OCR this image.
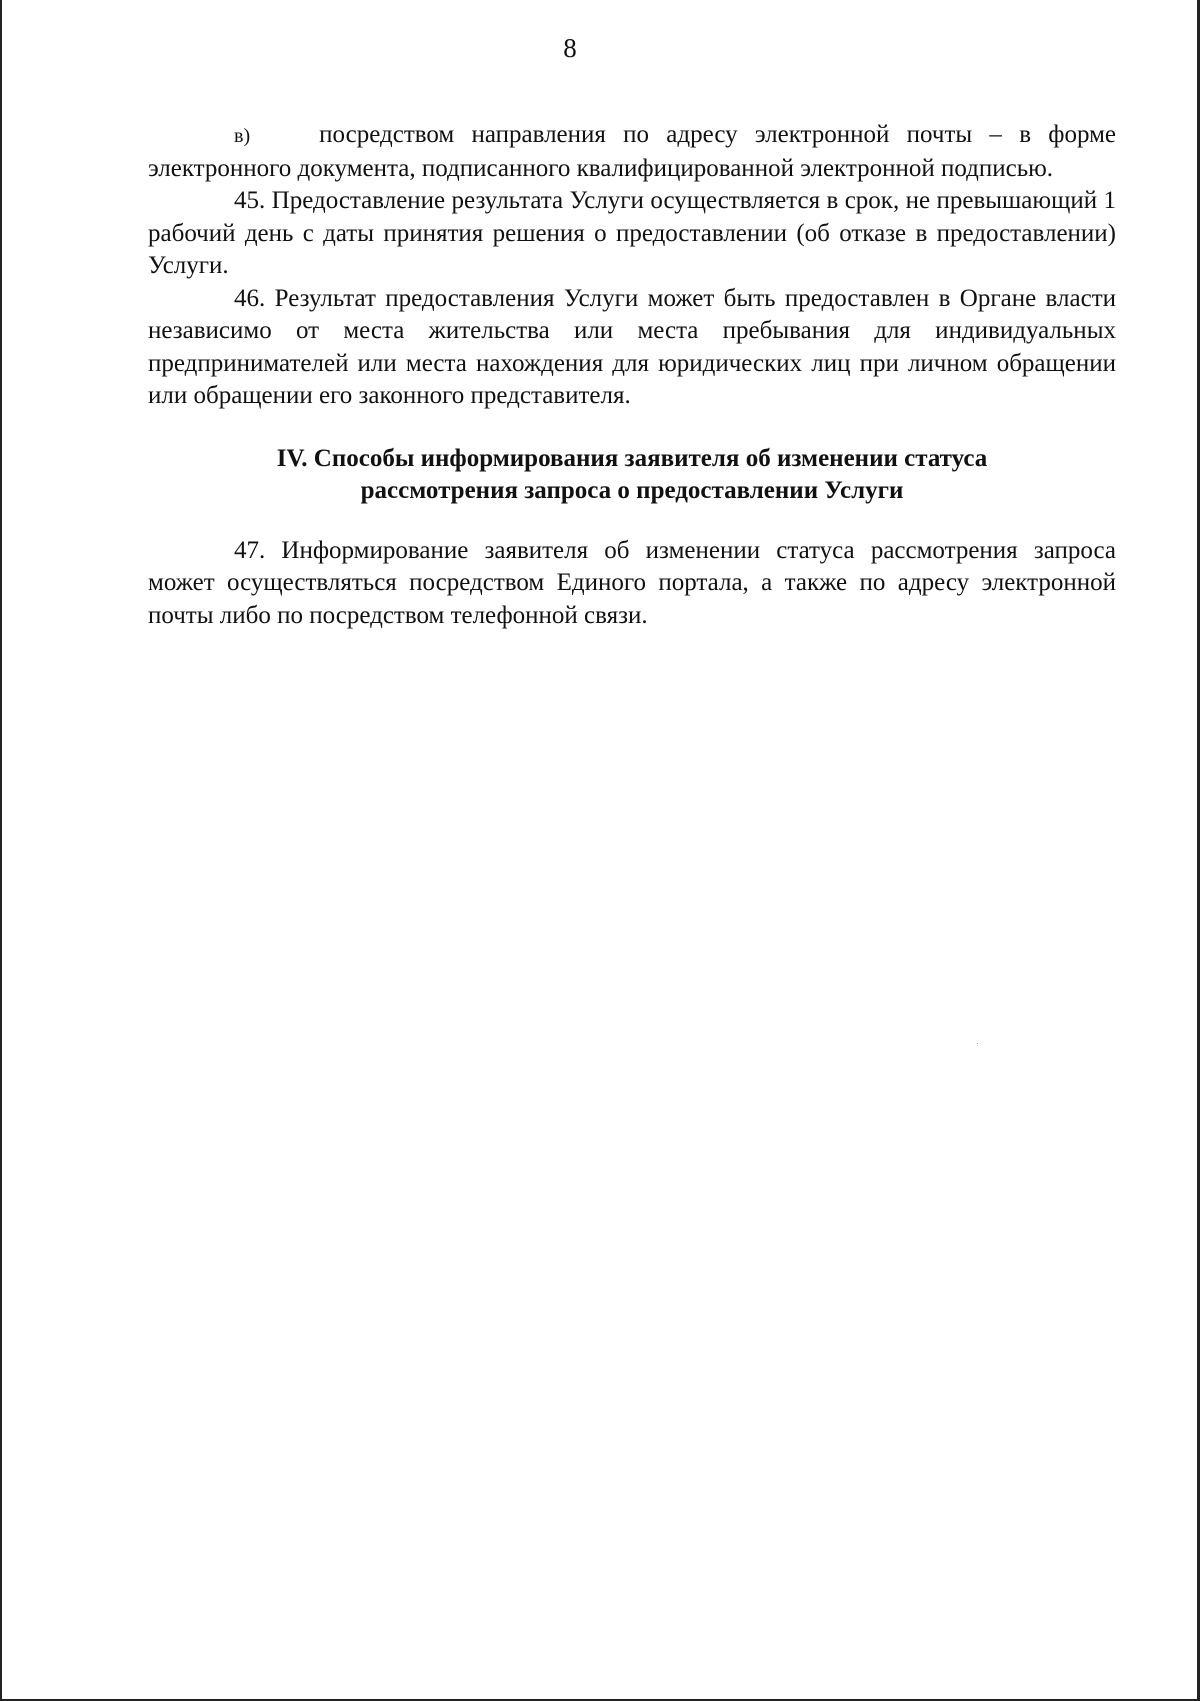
8

в)	посредством направления по адресу электронной почты – в форме электронного документа, подписанного квалифицированной электронной подписью.

45. Предоставление результата Услуги осуществляется в срок, не превышающий 1 рабочий день с даты принятия решения о предоставлении (об отказе в предоставлении) Услуги.

46. Результат предоставления Услуги может быть предоставлен в Органе власти независимо от места жительства или места пребывания для индивидуальных предпринимателей или места нахождения для юридических лиц при личном обращении или обращении его законного представителя.

IV. Способы информирования заявителя об изменении статуса
рассмотрения запроса о предоставлении Услуги

47. Информирование заявителя об изменении статуса рассмотрения запроса может осуществляться посредством Единого портала, а также по адресу электронной почты либо по посредством телефонной связи.
